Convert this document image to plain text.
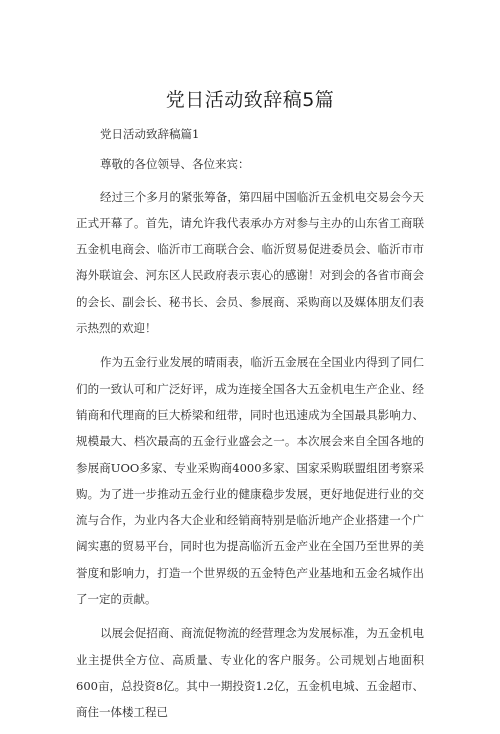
党日活动致辞稿5篇

党日活动致辞稿篇1

尊敬的各位领导、各位来宾：

经过三个多月的紧张筹备，第四届中国临沂五金机电交易会今天正式开幕了。首先，请允许我代表承办方对参与主办的山东省工商联五金机电商会、临沂市工商联合会、临沂贸易促进委员会、临沂市市海外联谊会、河东区人民政府表示衷心的感谢！对到会的各省市商会的会长、副会长、秘书长、会员、参展商、采购商以及媒体朋友们表示热烈的欢迎！

作为五金行业发展的晴雨表，临沂五金展在全国业内得到了同仁们的一致认可和广泛好评，成为连接全国各大五金机电生产企业、经销商和代理商的巨大桥梁和纽带，同时也迅速成为全国最具影响力、规模最大、档次最高的五金行业盛会之一。本次展会来自全国各地的参展商UOO多家、专业采购商4000多家、国家采购联盟组团考察采购。为了进一步推动五金行业的健康稳步发展，更好地促进行业的交流与合作，为业内各大企业和经销商特别是临沂地产企业搭建一个广阔实惠的贸易平台，同时也为提高临沂五金产业在全国乃至世界的美誉度和影响力，打造一个世界级的五金特色产业基地和五金名城作出了一定的贡献。

以展会促招商、商流促物流的经营理念为发展标准，为五金机电业主提供全方位、高质量、专业化的客户服务。公司规划占地面积600亩，总投资8亿。其中一期投资1.2亿，五金机电城、五金超市、商住一体楼工程已
